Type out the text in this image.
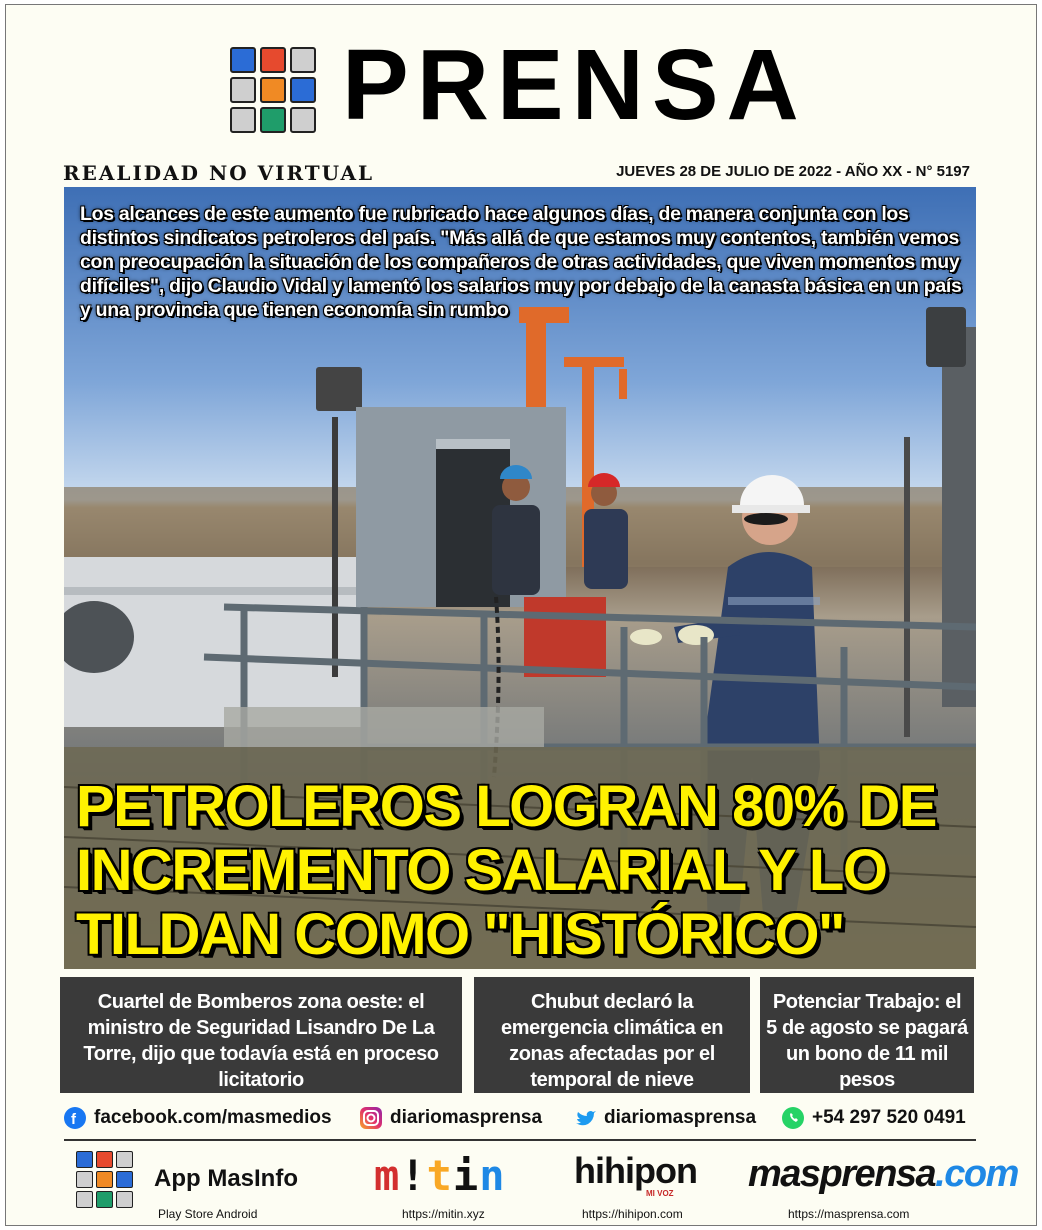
PRENSA
REALIDAD NO VIRTUAL	JUEVES 28 DE JULIO DE 2022 - AÑO XX - N° 5197
Los alcances de este aumento fue rubricado hace algunos días, de manera conjunta con los distintos sindicatos petroleros del país. "Más allá de que estamos muy contentos, también vemos con preocupación la situación de los compañeros de otras actividades, que viven momentos muy difíciles", dijo Claudio Vidal y lamentó los salarios muy por debajo de la canasta básica en un país y una provincia que tienen economía sin rumbo
PETROLEROS LOGRAN 80% DE INCREMENTO SALARIAL Y LO TILDAN COMO "HISTÓRICO"
Cuartel de Bomberos zona oeste: el ministro de Seguridad Lisandro De La Torre, dijo que todavía está en proceso licitatorio
Chubut declaró la emergencia climática en zonas afectadas por el temporal de nieve
Potenciar Trabajo: el 5 de agosto se pagará un bono de 11 mil pesos
f facebook.com/masmedios	diariomasprensa	diariomasprensa	+54 297 520 0491
App MasInfo
Play Store Android
m!tin
https://mitin.xyz
hihipon
MI VOZ
https://hihipon.com
masprensa.com
https://masprensa.com
